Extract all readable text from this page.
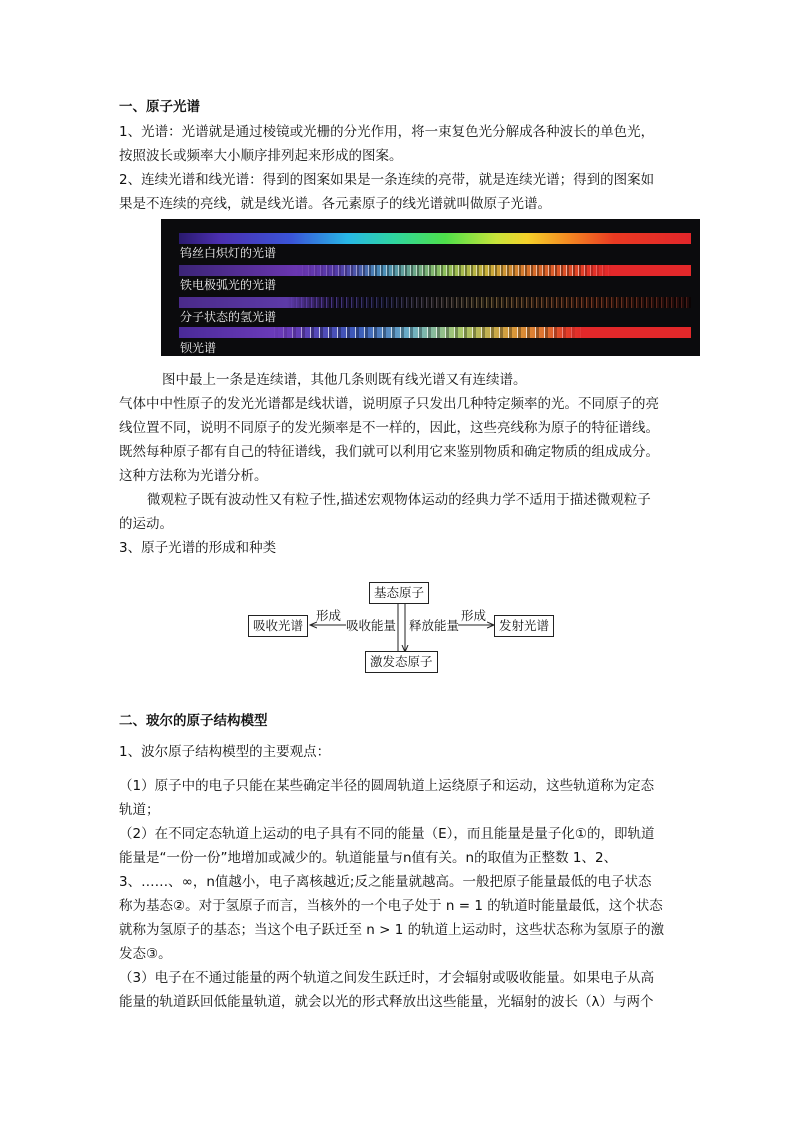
一、原子光谱
1、光谱：光谱就是通过棱镜或光栅的分光作用，将一束复色光分解成各种波长的单色光，
按照波长或频率大小顺序排列起来形成的图案。
2、连续光谱和线光谱：得到的图案如果是一条连续的亮带，就是连续光谱；得到的图案如
果是不连续的亮线，就是线光谱。各元素原子的线光谱就叫做原子光谱。
钨丝白炽灯的光谱
铁电极弧光的光谱
分子状态的氢光谱
钡光谱
图中最上一条是连续谱，其他几条则既有线光谱又有连续谱。
气体中中性原子的发光光谱都是线状谱，说明原子只发出几种特定频率的光。不同原子的亮
线位置不同，说明不同原子的发光频率是不一样的，因此，这些亮线称为原子的特征谱线。
既然每种原子都有自己的特征谱线，我们就可以利用它来鉴别物质和确定物质的组成成分。
这种方法称为光谱分析。
微观粒子既有波动性又有粒子性,描述宏观物体运动的经典力学不适用于描述微观粒子
的运动。
3、原子光谱的形成和种类
基态原子
激发态原子
吸收光谱	发射光谱
形成	形成
吸收能量 释放能量
二、玻尔的原子结构模型
1、波尔原子结构模型的主要观点：
（1）原子中的电子只能在某些确定半径的圆周轨道上运绕原子和运动，这些轨道称为定态
轨道；
（2）在不同定态轨道上运动的电子具有不同的能量（E），而且能量是量子化①的，即轨道
能量是“一份一份”地增加或减少的。轨道能量与n值有关。n的取值为正整数 1、2、
3、……、∞，n值越小，电子离核越近;反之能量就越高。一般把原子能量最低的电子状态
称为基态②。对于氢原子而言，当核外的一个电子处于 n = 1 的轨道时能量最低，这个状态
就称为氢原子的基态；当这个电子跃迁至 n > 1 的轨道上运动时，这些状态称为氢原子的激
发态③。
（3）电子在不通过能量的两个轨道之间发生跃迁时，才会辐射或吸收能量。如果电子从高
能量的轨道跃回低能量轨道，就会以光的形式释放出这些能量，光辐射的波长（λ）与两个
